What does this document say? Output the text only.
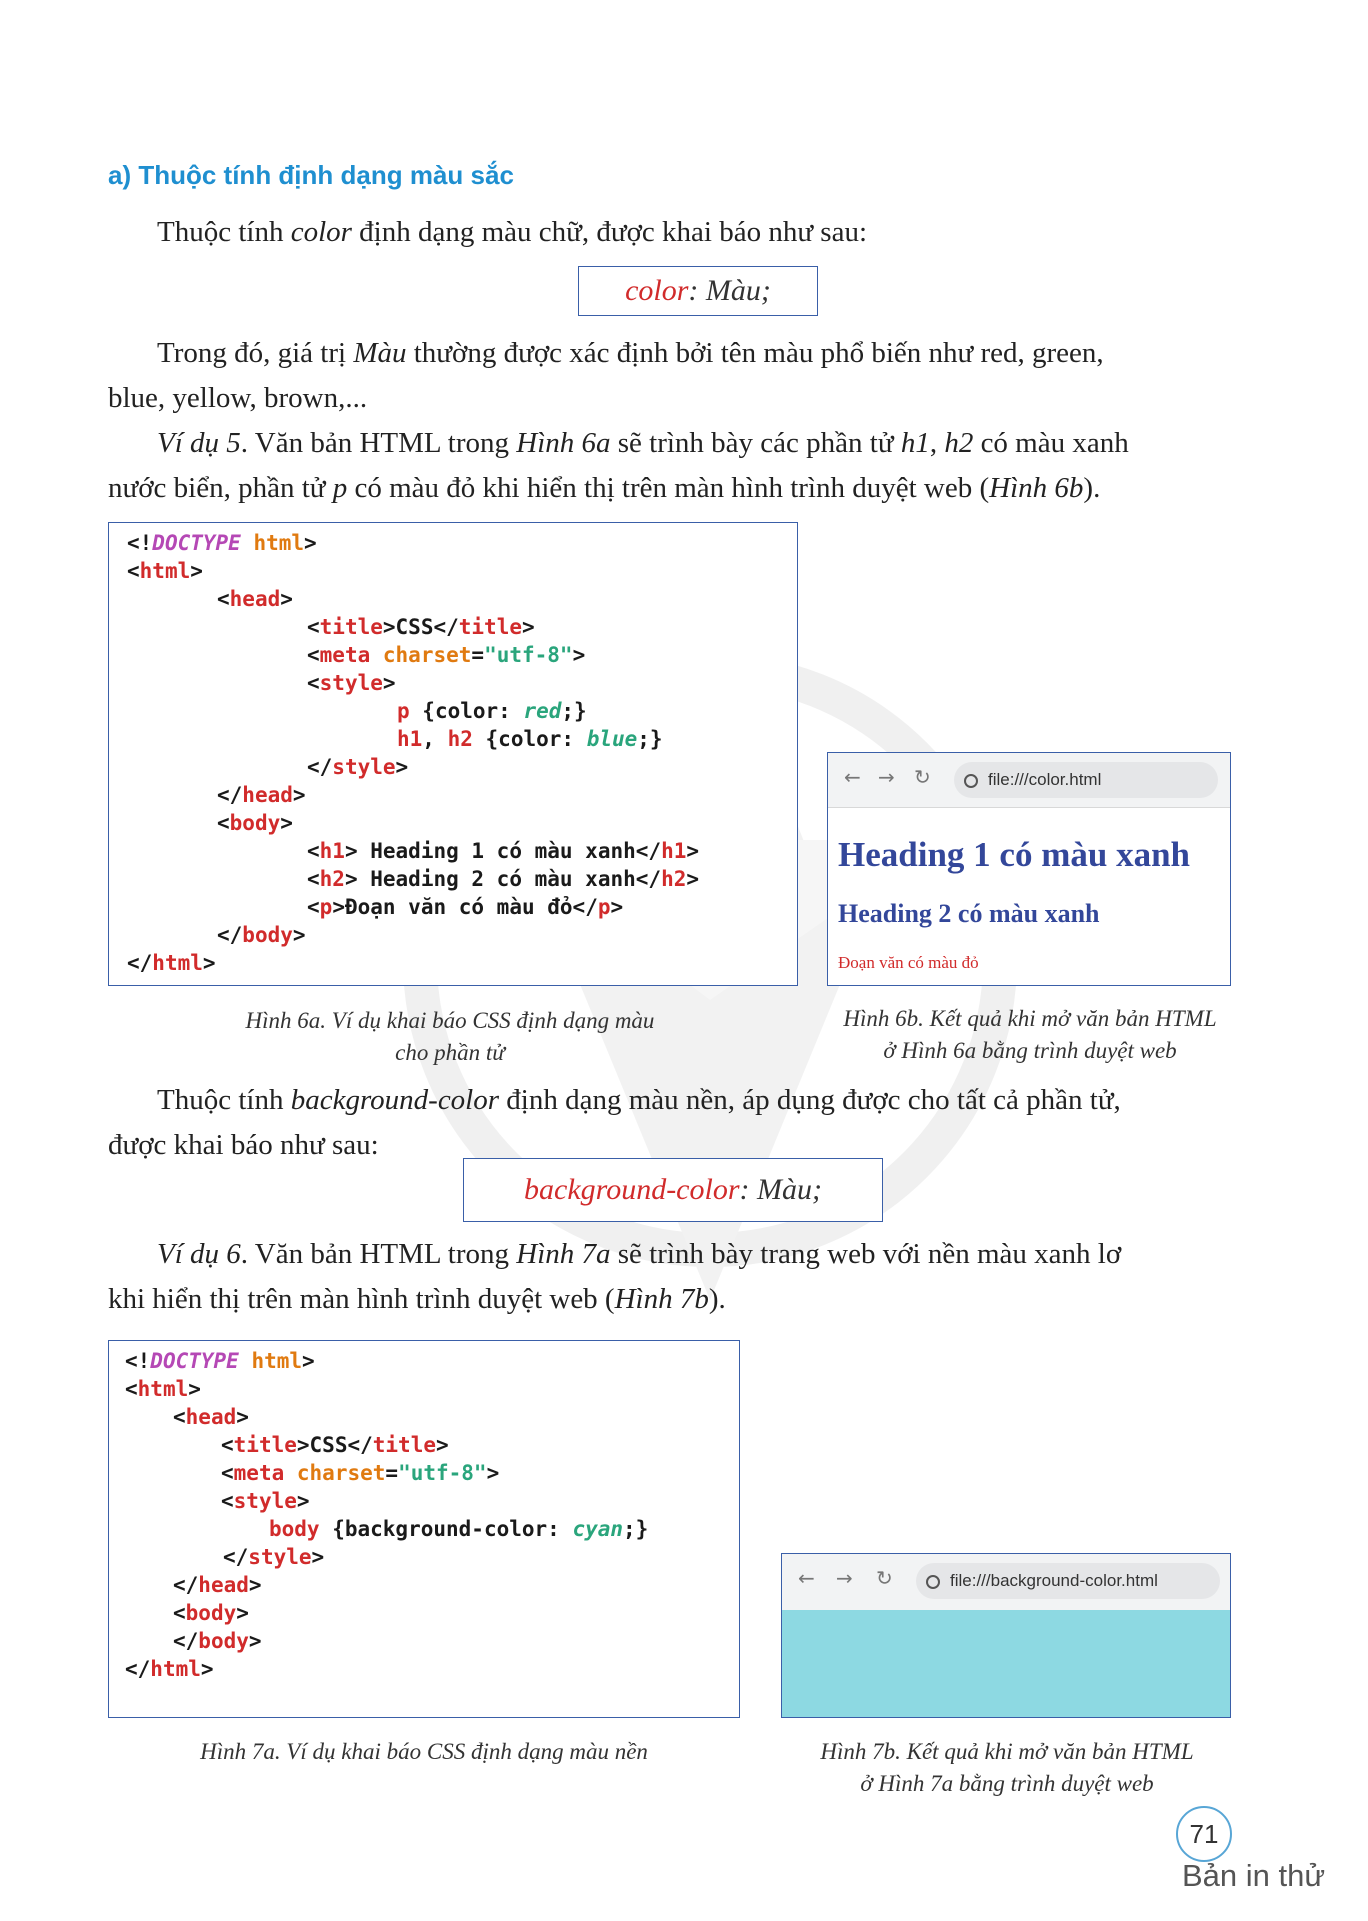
a) Thuộc tính định dạng màu sắc
Thuộc tính color định dạng màu chữ, được khai báo như sau:
color: Màu;
Trong đó, giá trị Màu thường được xác định bởi tên màu phổ biến như red, green,
blue, yellow, brown,...
Ví dụ 5. Văn bản HTML trong Hình 6a sẽ trình bày các phần tử h1, h2 có màu xanh
nước biển, phần tử p có màu đỏ khi hiển thị trên màn hình trình duyệt web (Hình 6b).
<!DOCTYPE html>
<html>
<head>
<title>CSS</title>
<meta charset="utf-8">
<style>
p {color: red;}
h1, h2 {color: blue;}
</style>
</head>
<body>
<h1> Heading 1 có màu xanh</h1>
<h2> Heading 2 có màu xanh</h2>
<p>Đoạn văn có màu đỏ</p>
</body>
</html>
← → ↻	file:///color.html
Heading 1 có màu xanh
Heading 2 có màu xanh
Đoạn văn có màu đỏ
Hình 6a. Ví dụ khai báo CSS định dạng màu
cho phần tử
Hình 6b. Kết quả khi mở văn bản HTML
ở Hình 6a bằng trình duyệt web
Thuộc tính background-color định dạng màu nền, áp dụng được cho tất cả phần tử,
được khai báo như sau:
background-color: Màu;
Ví dụ 6. Văn bản HTML trong Hình 7a sẽ trình bày trang web với nền màu xanh lơ
khi hiển thị trên màn hình trình duyệt web (Hình 7b).
<!DOCTYPE html>
<html>
<head>
<title>CSS</title>
<meta charset="utf-8">
<style>
body {background-color: cyan;}
</style>
</head>
<body>
</body>
</html>
← → ↻	file:///background-color.html
Hình 7a. Ví dụ khai báo CSS định dạng màu nền	Hình 7b. Kết quả khi mở văn bản HTML
ở Hình 7a bằng trình duyệt web
71
Bản in thử
